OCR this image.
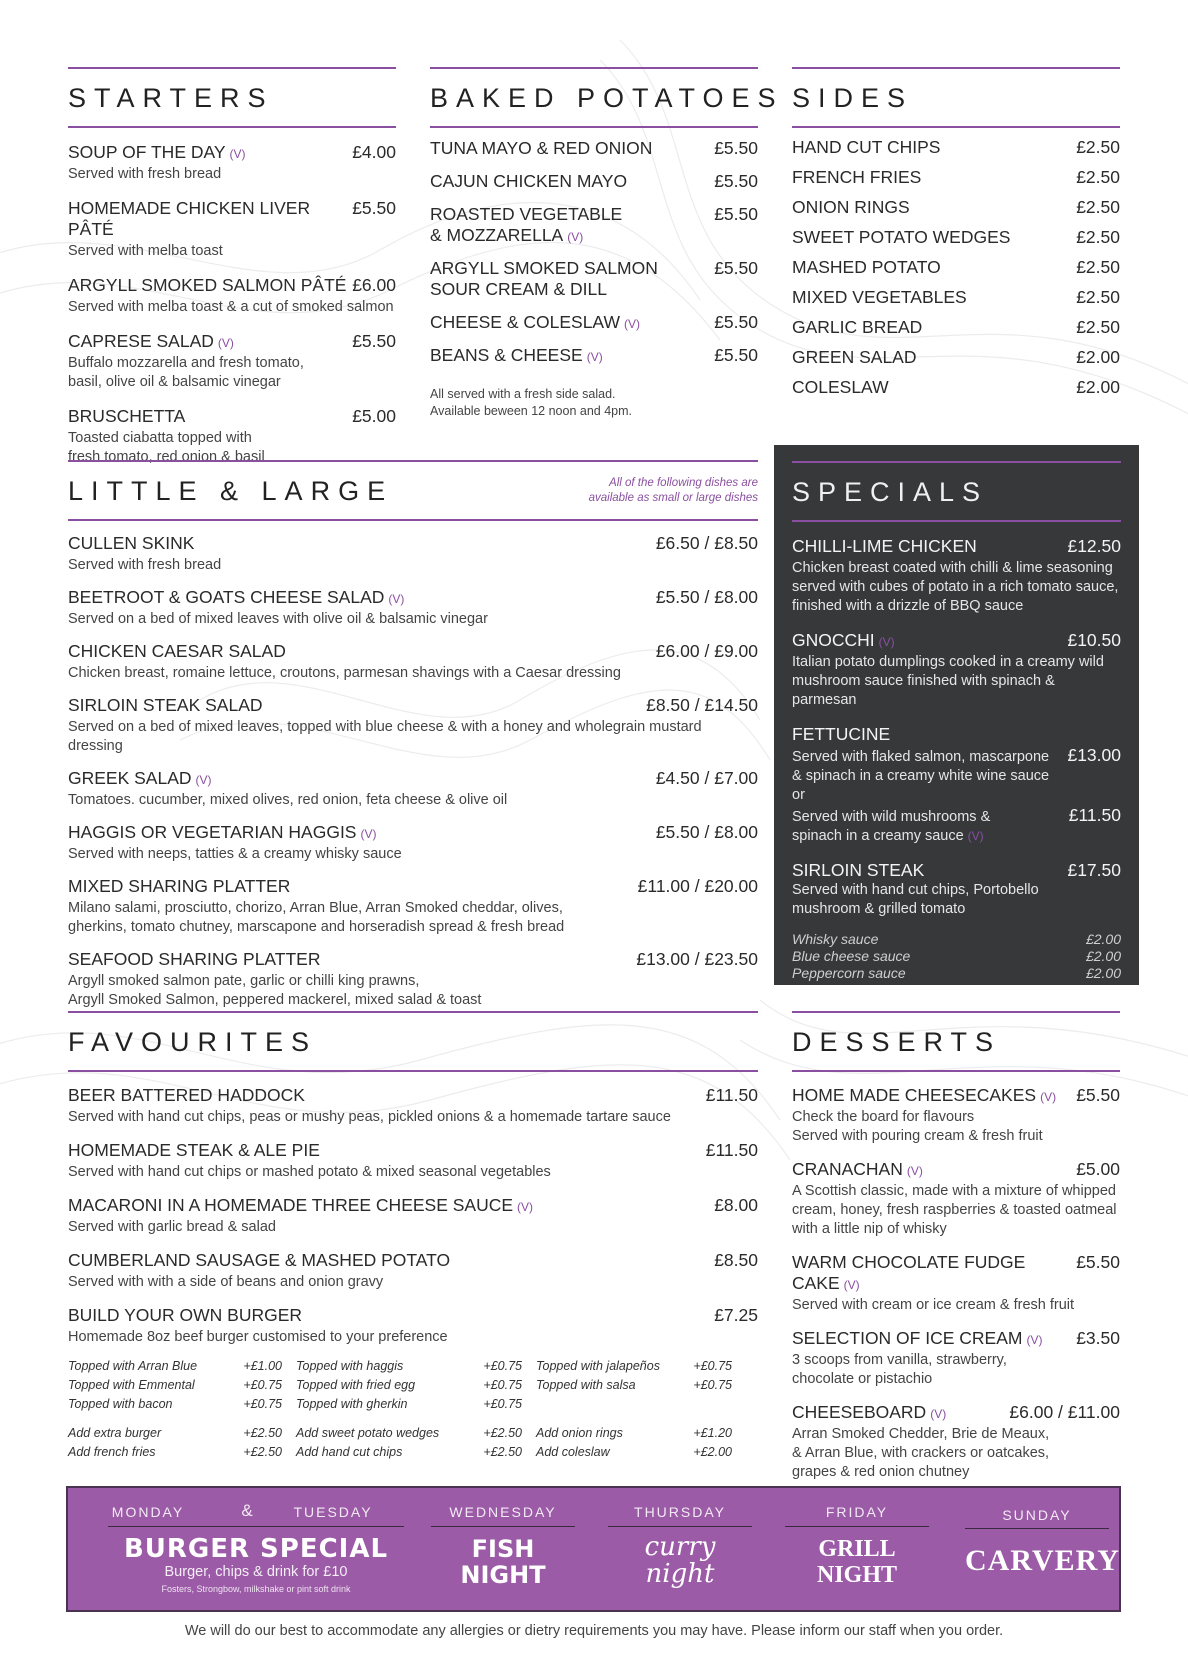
STARTERS
SOUP OF THE DAY (V)	£4.00
Served with fresh bread
HOMEMADE CHICKEN LIVER PÂTÉ
£5.50
Served with melba toast
ARGYLL SMOKED SALMON PÂTÉ £6.00
Served with melba toast & a cut of smoked salmon
CAPRESE SALAD (V)	£5.50
Buffalo mozzarella and fresh tomato,
basil, olive oil & balsamic vinegar
BRUSCHETTA	£5.00
Toasted ciabatta topped with
fresh tomato, red onion & basil
BAKED POTATOES
TUNA MAYO & RED ONION	£5.50
CAJUN CHICKEN MAYO	£5.50
ROASTED VEGETABLE
& MOZZARELLA (V)
£5.50
ARGYLL SMOKED SALMON
SOUR CREAM & DILL
£5.50
CHEESE & COLESLAW (V)	£5.50
BEANS & CHEESE (V)	£5.50
All served with a fresh side salad.
Available beween 12 noon and 4pm.
SIDES
HAND CUT CHIPS	£2.50
FRENCH FRIES	£2.50
ONION RINGS	£2.50
SWEET POTATO WEDGES	£2.50
MASHED POTATO	£2.50
MIXED VEGETABLES	£2.50
GARLIC BREAD	£2.50
GREEN SALAD	£2.00
COLESLAW	£2.00
LITTLE & LARGE	All of the following dishes are
available as small or large dishes
CULLEN SKINK	£6.50 / £8.50
Served with fresh bread
BEETROOT & GOATS CHEESE SALAD (V)	£5.50 / £8.00
Served on a bed of mixed leaves with olive oil & balsamic vinegar
CHICKEN CAESAR SALAD	£6.00 / £9.00
Chicken breast, romaine lettuce, croutons, parmesan shavings with a Caesar dressing
SIRLOIN STEAK SALAD	£8.50 / £14.50
Served on a bed of mixed leaves, topped with blue cheese & with a honey and wholegrain mustard dressing
GREEK SALAD (V)	£4.50 / £7.00
Tomatoes. cucumber, mixed olives, red onion, feta cheese & olive oil
HAGGIS OR VEGETARIAN HAGGIS (V)	£5.50 / £8.00
Served with neeps, tatties & a creamy whisky sauce
MIXED SHARING PLATTER	£11.00 / £20.00
Milano salami, prosciutto, chorizo, Arran Blue, Arran Smoked cheddar, olives,
gherkins, tomato chutney, marscapone and horseradish spread & fresh bread
SEAFOOD SHARING PLATTER	£13.00 / £23.50
Argyll smoked salmon pate, garlic or chilli king prawns,
Argyll Smoked Salmon, peppered mackerel, mixed salad & toast
SPECIALS
CHILLI-LIME CHICKEN	£12.50
Chicken breast coated with chilli & lime seasoning
served with cubes of potato in a rich tomato sauce,
finished with a drizzle of BBQ sauce
GNOCCHI (V)	£10.50
Italian potato dumplings cooked in a creamy wild
mushroom sauce finished with spinach & parmesan
FETTUCINE
Served with flaked salmon, mascarpone
& spinach in a creamy white wine sauce
£13.00
or
Served with wild mushrooms &
spinach in a creamy sauce (V)
£11.50
SIRLOIN STEAK	£17.50
Served with hand cut chips, Portobello
mushroom & grilled tomato
Whisky sauce	£2.00
Blue cheese sauce	£2.00
Peppercorn sauce	£2.00
FAVOURITES
BEER BATTERED HADDOCK	£11.50
Served with hand cut chips, peas or mushy peas, pickled onions & a homemade tartare sauce
HOMEMADE STEAK & ALE PIE	£11.50
Served with hand cut chips or mashed potato & mixed seasonal vegetables
MACARONI IN A HOMEMADE THREE CHEESE SAUCE (V)	£8.00
Served with garlic bread & salad
CUMBERLAND SAUSAGE & MASHED POTATO	£8.50
Served with with a side of beans and onion gravy
BUILD YOUR OWN BURGER	£7.25
Homemade 8oz beef burger customised to your preference
Topped with Arran Blue	+£1.00	Topped with haggis	+£0.75	Topped with jalapeños	+£0.75
Topped with Emmental	+£0.75	Topped with fried egg	+£0.75	Topped with salsa	+£0.75
Topped with bacon	+£0.75	Topped with gherkin	+£0.75
Add extra burger	+£2.50	Add sweet potato wedges	+£2.50	Add onion rings	+£1.20
Add french fries	+£2.50	Add hand cut chips	+£2.50	Add coleslaw	+£2.00
DESSERTS
HOME MADE CHEESECAKES (V) £5.50
Check the board for flavours
Served with pouring cream & fresh fruit
CRANACHAN (V)	£5.00
A Scottish classic, made with a mixture of whipped
cream, honey, fresh raspberries & toasted oatmeal
with a little nip of whisky
WARM CHOCOLATE FUDGE CAKE (V)
£5.50
Served with cream or ice cream & fresh fruit
SELECTION OF ICE CREAM (V) £3.50
3 scoops from vanilla, strawberry,
chocolate or pistachio
CHEESEBOARD (V)	£6.00 / £11.00
Arran Smoked Chedder, Brie de Meaux,
& Arran Blue, with crackers or oatcakes,
grapes & red onion chutney
MONDAY	&	TUESDAY
BURGER SPECIAL
Burger, chips & drink for £10
Fosters, Strongbow, milkshake or pint soft drink
WEDNESDAY
FISH
NIGHT
THURSDAY
curry
night
FRIDAY
GRILL
NIGHT
SUNDAY
CARVERY
We will do our best to accommodate any allergies or dietry requirements you may have. Please inform our staff when you order.
